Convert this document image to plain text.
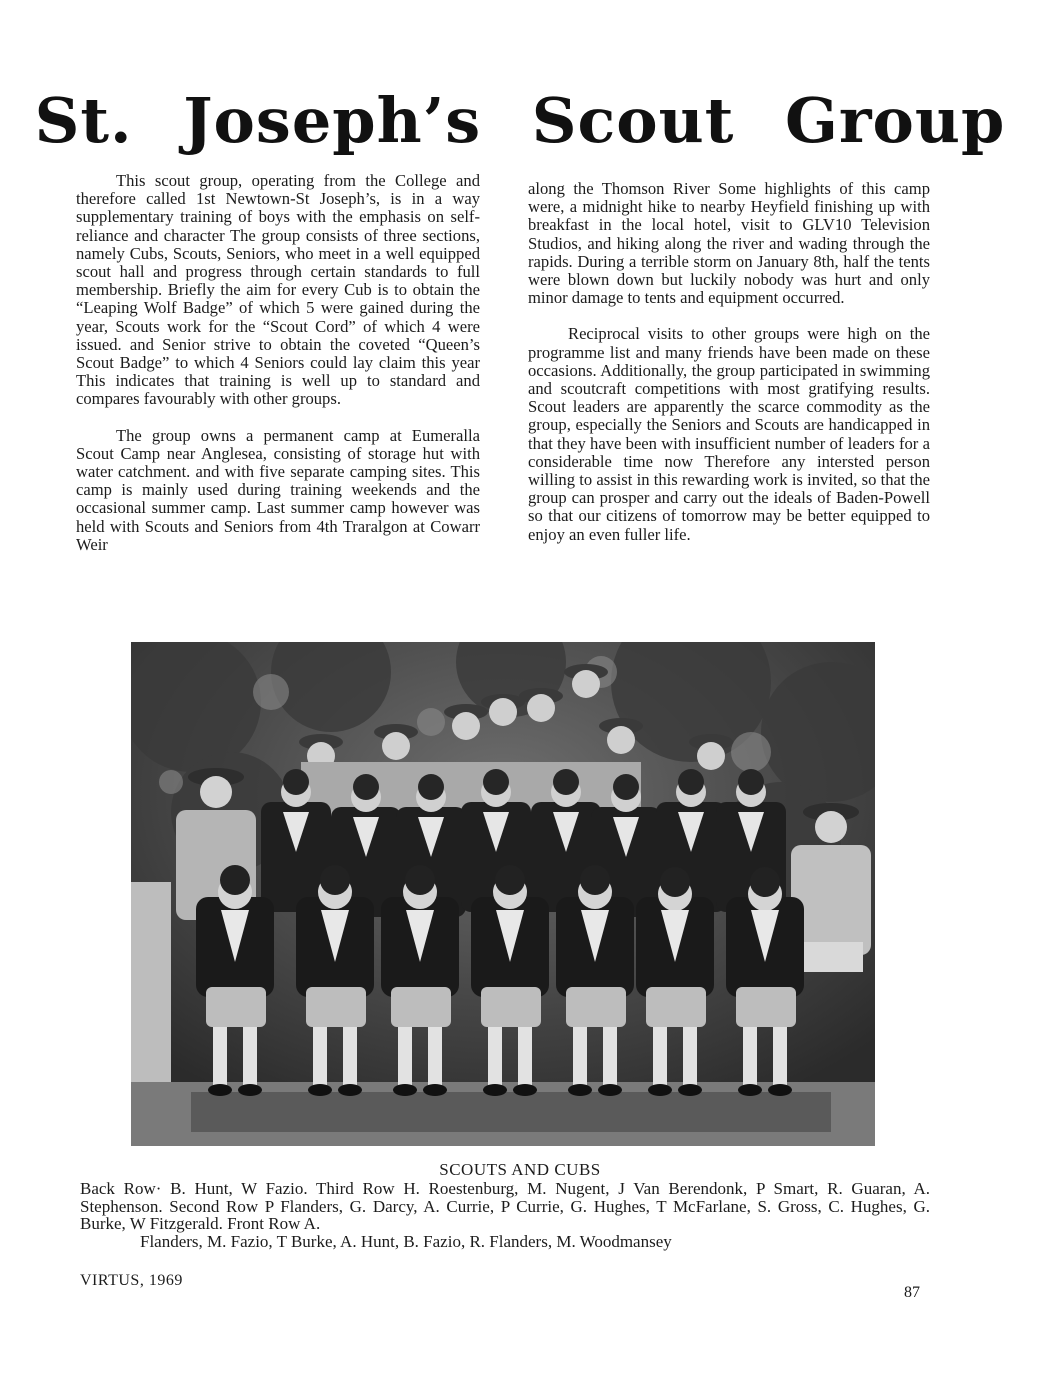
St. Joseph’s Scout Group

This scout group, operating from the College and therefore called 1st Newtown-St Joseph’s, is in a way supplementary training of boys with the emphasis on self-reliance and character The group consists of three sections, namely Cubs, Scouts, Seniors, who meet in a well equipped scout hall and progress through certain standards to full membership. Briefly the aim for every Cub is to obtain the “Leaping Wolf Badge” of which 5 were gained during the year, Scouts work for the “Scout Cord” of which 4 were issued. and Senior strive to obtain the coveted “Queen’s Scout Badge” to which 4 Seniors could lay claim this year This indicates that training is well up to standard and compares favourably with other groups.

The group owns a permanent camp at Eumeralla Scout Camp near Anglesea, consisting of storage hut with water catchment. and with five separate camping sites. This camp is mainly used during training weekends and the occasional summer camp. Last summer camp however was held with Scouts and Seniors from 4th Traralgon at Cowarr Weir

along the Thomson River Some highlights of this camp were, a midnight hike to nearby Heyfield finishing up with breakfast in the local hotel, visit to GLV10 Television Studios, and hiking along the river and wading through the rapids. During a terrible storm on January 8th, half the tents were blown down but luckily nobody was hurt and only minor damage to tents and equipment occurred.

Reciprocal visits to other groups were high on the programme list and many friends have been made on these occasions. Additionally, the group participated in swimming and scoutcraft competitions with most gratifying results. Scout leaders are apparently the scarce commodity as the group, especially the Seniors and Scouts are handicapped in that they have been with insufficient number of leaders for a considerable time now Therefore any intersted person willing to assist in this rewarding work is invited, so that the group can prosper and carry out the ideals of Baden-Powell so that our citizens of tomorrow may be better equipped to enjoy an even fuller life.

SCOUTS AND CUBS
Back Row· B. Hunt, W Fazio. Third Row H. Roestenburg, M. Nugent, J Van Berendonk, P Smart, R. Guaran, A. Stephenson. Second Row P Flanders, G. Darcy, A. Currie, P Currie, G. Hughes, T McFarlane, S. Gross, C. Hughes, G. Burke, W Fitzgerald. Front Row A.
Flanders, M. Fazio, T Burke, A. Hunt, B. Fazio, R. Flanders, M. Woodmansey
VIRTUS, 1969
87
